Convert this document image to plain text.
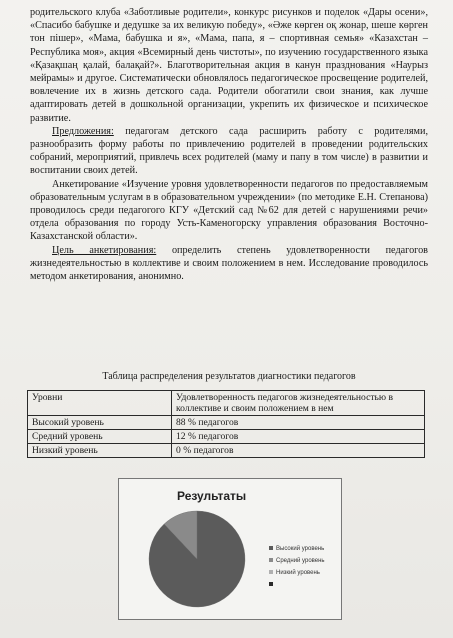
родительского клуба «Заботливые родители», конкурс рисунков и поделок «Дары осени», «Спасибо бабушке и дедушке за их великую победу», «Әже көрген оқ жонар, шеше көрген тон пішер», «Мама, бабушка и я», «Мама, папа, я – спортивная семья» «Казахстан – Республика моя», акция «Всемирный день чистоты», по изучению государственного языка «Қазақшаң қалай, балақай?». Благотворительная акция в канун празднования «Наурыз мейрамы» и другое. Систематически обновлялось педагогическое просвещение родителей, вовлечение их в жизнь детского сада. Родители обогатили свои знания, как лучше адаптировать детей в дошкольной организации, укрепить их физическое и психическое развитие.

Предложения: педагогам детского сада расширить работу с родителями, разнообразить форму работы по привлечению родителей в проведении родительских собраний, мероприятий, привлечь всех родителей (маму и папу в том числе) в развитии и воспитании своих детей.

Анкетирование «Изучение уровня удовлетворенности педагогов по предоставляемым образовательным услугам в в образовательном учреждении» (по методике Е.Н. Степанова) проводилось среди педагогого КГУ «Детский сад №62 для детей с нарушениями речи» отдела образования по городу Усть-Каменогорску управления образования Восточно-Казахстанской области».

Цель анкетирования: определить степень удовлетворенности педагогов жизнедеятельностью в коллективе и своим положением в нем. Исследование проводилось методом анкетирования, анонимно.

Таблица распределения результатов диагностики педагогов
Уровни	Удовлетворенность педагогов жизнедеятельностью в коллективе и своим положением в нем
Высокий уровень	88 % педагогов
Средний уровень	12 % педагогов
Низкий уровень	0 % педагогов
Результаты
Высокий уровень
Средний уровень
Низкий уровень
